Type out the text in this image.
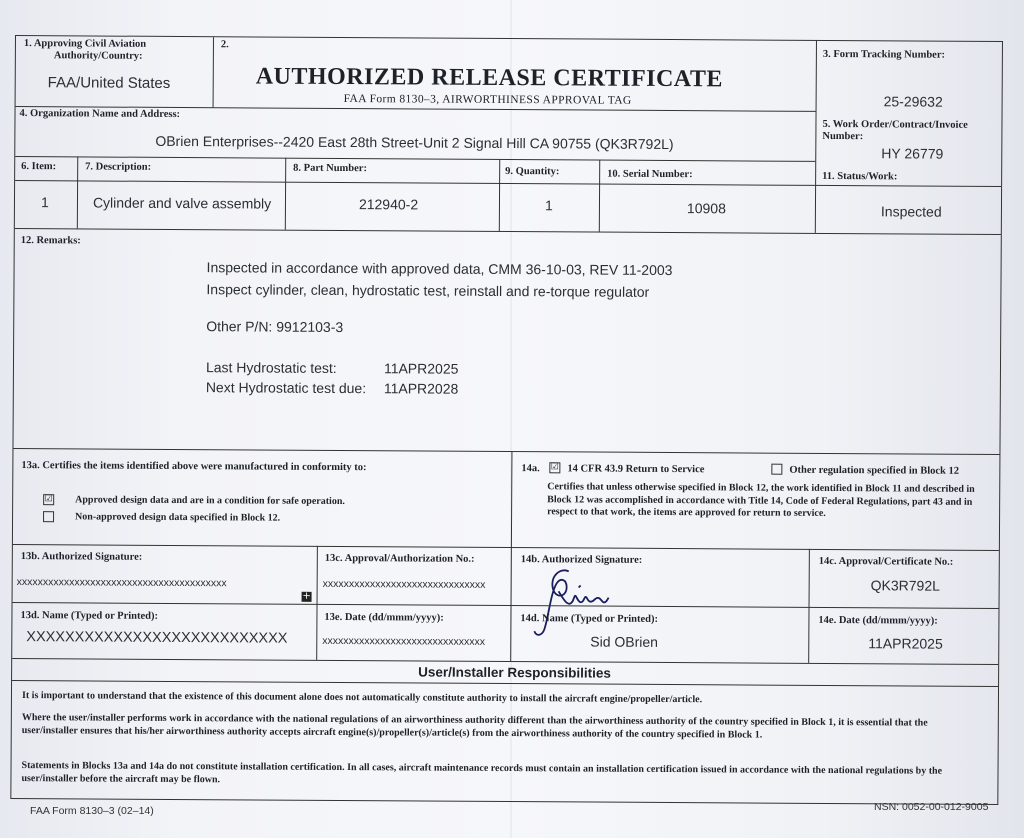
1. Approving Civil Aviation
Authority/Country:
FAA/United States
2.
AUTHORIZED RELEASE CERTIFICATE
FAA Form 8130–3, AIRWORTHINESS APPROVAL TAG
3. Form Tracking Number:
25-29632
4. Organization Name and Address:
OBrien Enterprises--2420 East 28th Street-Unit 2 Signal Hill CA 90755 (QK3R792L)
5. Work Order/Contract/Invoice
Number:
HY 26779
6. Item:	7. Description:	8. Part Number:	9. Quantity:	10. Serial Number:	11. Status/Work:
1	Cylinder and valve assembly	212940-2	1	10908	Inspected
12. Remarks:
Inspected in accordance with approved data, CMM 36-10-03, REV 11-2003
Inspect cylinder, clean, hydrostatic test, reinstall and re-torque regulator
Other P/N: 9912103-3
Last Hydrostatic test:	11APR2025
Next Hydrostatic test due: 11APR2028
13a. Certifies the items identified above were manufactured in conformity to:
☑ Approved design data and are in a condition for safe operation.
Non-approved design data specified in Block 12.
14a. ☑ 14 CFR 43.9 Return to Service	Other regulation specified in Block 12
Certifies that unless otherwise specified in Block 12, the work identified in Block 11 and described in Block 12 was accomplished in accordance with Title 14, Code of Federal Regulations, part 43 and in respect to that work, the items are approved for return to service.
13b. Authorized Signature:
xxxxxxxxxxxxxxxxxxxxxxxxxxxxxxxxxxxxxxxx
+
13c. Approval/Authorization No.:
xxxxxxxxxxxxxxxxxxxxxxxxxxxxxxx
14b. Authorized Signature:	14c. Approval/Certificate No.:
QK3R792L
13d. Name (Typed or Printed):
XXXXXXXXXXXXXXXXXXXXXXXXXXX
13e. Date (dd/mmm/yyyy):
xxxxxxxxxxxxxxxxxxxxxxxxxxxxxxx
14d. Name (Typed or Printed):
Sid OBrien
14e. Date (dd/mmm/yyyy):
11APR2025
User/Installer Responsibilities
It is important to understand that the existence of this document alone does not automatically constitute authority to install the aircraft engine/propeller/article.
Where the user/installer performs work in accordance with the national regulations of an airworthiness authority different than the airworthiness authority of the country specified in Block 1, it is essential that the user/installer ensures that his/her airworthiness authority accepts aircraft engine(s)/propeller(s)/article(s) from the airworthiness authority of the country specified in Block 1.
Statements in Blocks 13a and 14a do not constitute installation certification. In all cases, aircraft maintenance records must contain an installation certification issued in accordance with the national regulations by the user/installer before the aircraft may be flown.
FAA Form 8130–3 (02–14)	NSN: 0052-00-012-9005
